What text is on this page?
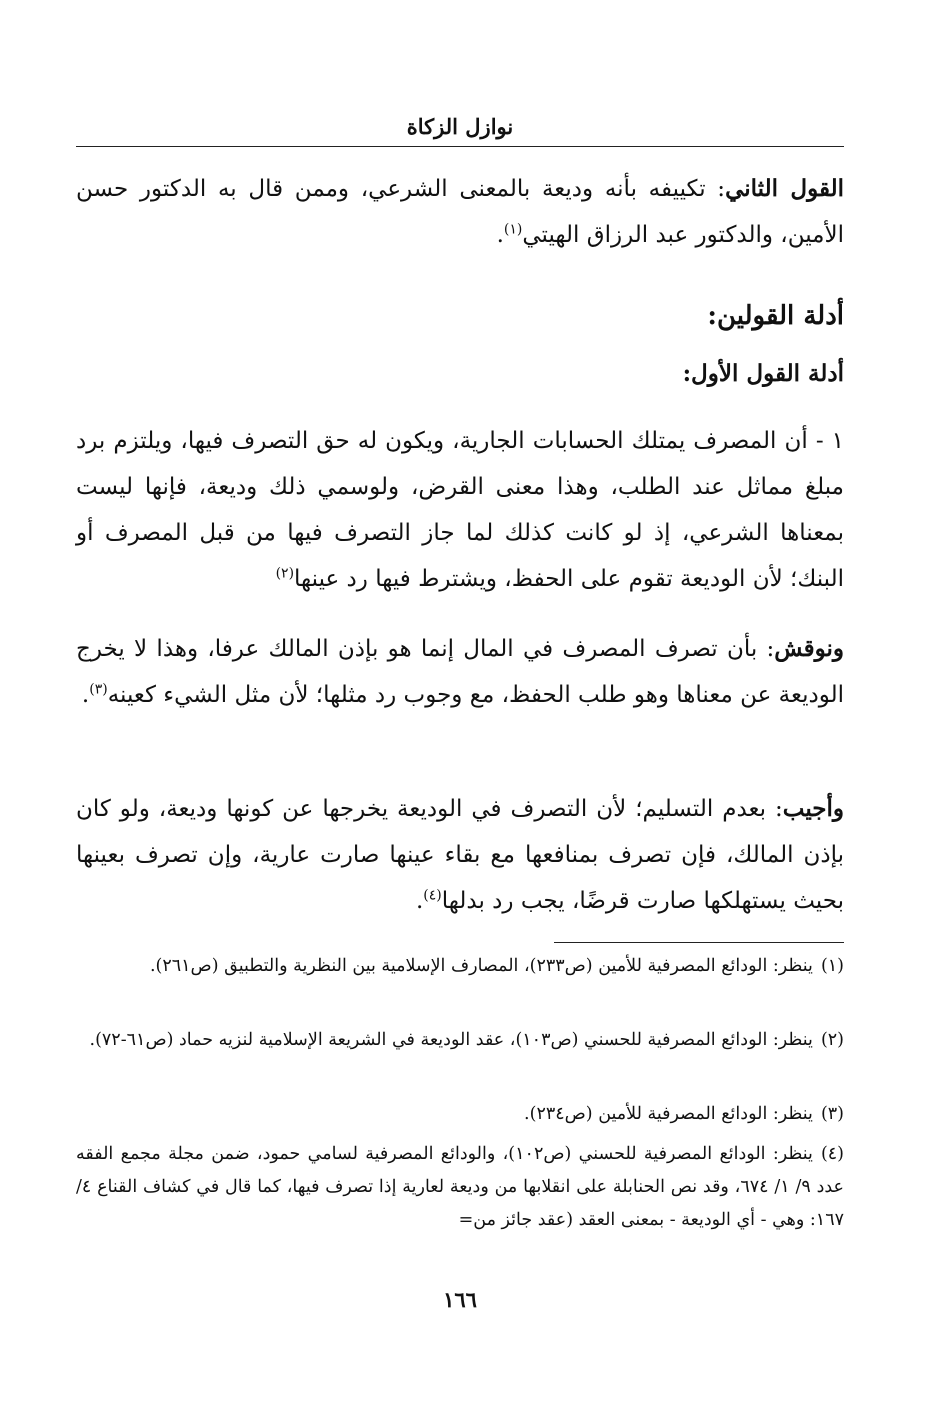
نوازل الزكاة

القول الثاني: تكييفه بأنه وديعة بالمعنى الشرعي، وممن قال به الدكتور حسن الأمين، والدكتور عبد الرزاق الهيتي$^{(١)}$.

أدلة القولين:
أدلة القول الأول:

١ - أن المصرف يمتلك الحسابات الجارية، ويكون له حق التصرف فيها، ويلتزم برد مبلغ مماثل عند الطلب، وهذا معنى القرض، ولوسمي ذلك وديعة، فإنها ليست بمعناها الشرعي، إذ لو كانت كذلك لما جاز التصرف فيها من قبل المصرف أو البنك؛ لأن الوديعة تقوم على الحفظ، ويشترط فيها رد عينها$^{(٢)}$

ونوقش: بأن تصرف المصرف في المال إنما هو بإذن المالك عرفا، وهذا لا يخرج الوديعة عن معناها وهو طلب الحفظ، مع وجوب رد مثلها؛ لأن مثل الشيء كعينه$^{(٣)}$.

وأجيب: بعدم التسليم؛ لأن التصرف في الوديعة يخرجها عن كونها وديعة، ولو كان بإذن المالك، فإن تصرف بمنافعها مع بقاء عينها صارت عارية، وإن تصرف بعينها بحيث يستهلكها صارت قرضًا، يجب رد بدلها$^{(٤)}$.

(١)ينظر: الودائع المصرفية للأمين (ص٢٣٣)، المصارف الإسلامية بين النظرية والتطبيق (ص٢٦١).

(٢)ينظر: الودائع المصرفية للحسني (ص١٠٣)، عقد الوديعة في الشريعة الإسلامية لنزيه حماد (ص٦١-٧٢).

(٣)ينظر: الودائع المصرفية للأمين (ص٢٣٤).

(٤)ينظر: الودائع المصرفية للحسني (ص١٠٢)، والودائع المصرفية لسامي حمود، ضمن مجلة مجمع الفقه عدد ٩/ ١/ ٦٧٤، وقد نص الحنابلة على انقلابها من وديعة لعارية إذا تصرف فيها، كما قال في كشاف القناع ٤/ ١٦٧: وهي - أي الوديعة - بمعنى العقد (عقد جائز من=

١٦٦
